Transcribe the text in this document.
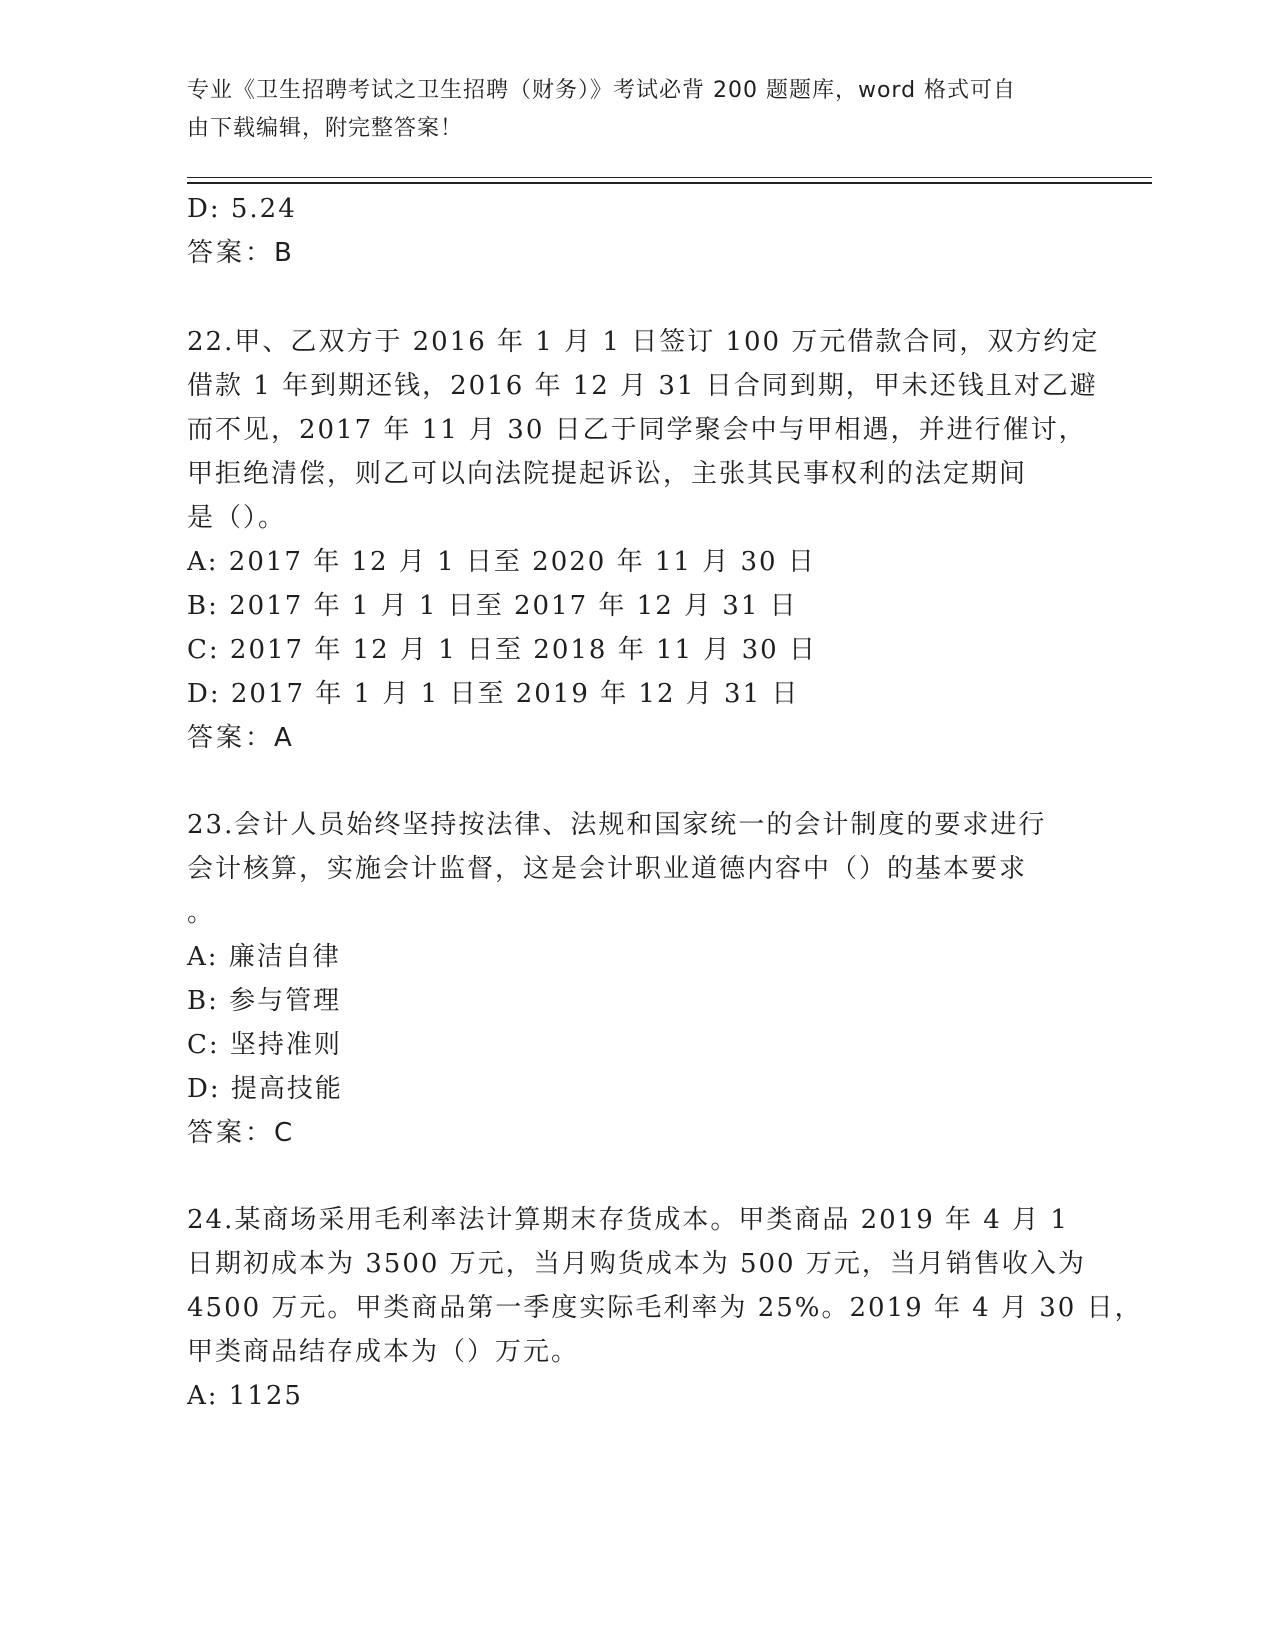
专业《卫生招聘考试之卫生招聘（财务）》考试必背 200 题题库，word 格式可自
由下载编辑，附完整答案！
D: 5.24
答案：B
22.甲、乙双方于 2016 年 1 月 1 日签订 100 万元借款合同，双方约定
借款 1 年到期还钱，2016 年 12 月 31 日合同到期，甲未还钱且对乙避
而不见，2017 年 11 月 30 日乙于同学聚会中与甲相遇，并进行催讨，
甲拒绝清偿，则乙可以向法院提起诉讼，主张其民事权利的法定期间
是（）。
A: 2017 年 12 月 1 日至 2020 年 11 月 30 日
B: 2017 年 1 月 1 日至 2017 年 12 月 31 日
C: 2017 年 12 月 1 日至 2018 年 11 月 30 日
D: 2017 年 1 月 1 日至 2019 年 12 月 31 日
答案：A
23.会计人员始终坚持按法律、法规和国家统一的会计制度的要求进行
会计核算，实施会计监督，这是会计职业道德内容中（）的基本要求
。
A: 廉洁自律
B: 参与管理
C: 坚持准则
D: 提高技能
答案：C
24.某商场采用毛利率法计算期末存货成本。甲类商品 2019 年 4 月 1
日期初成本为 3500 万元，当月购货成本为 500 万元，当月销售收入为
4500 万元。甲类商品第一季度实际毛利率为 25%。2019 年 4 月 30 日，
甲类商品结存成本为（）万元。
A: 1125
